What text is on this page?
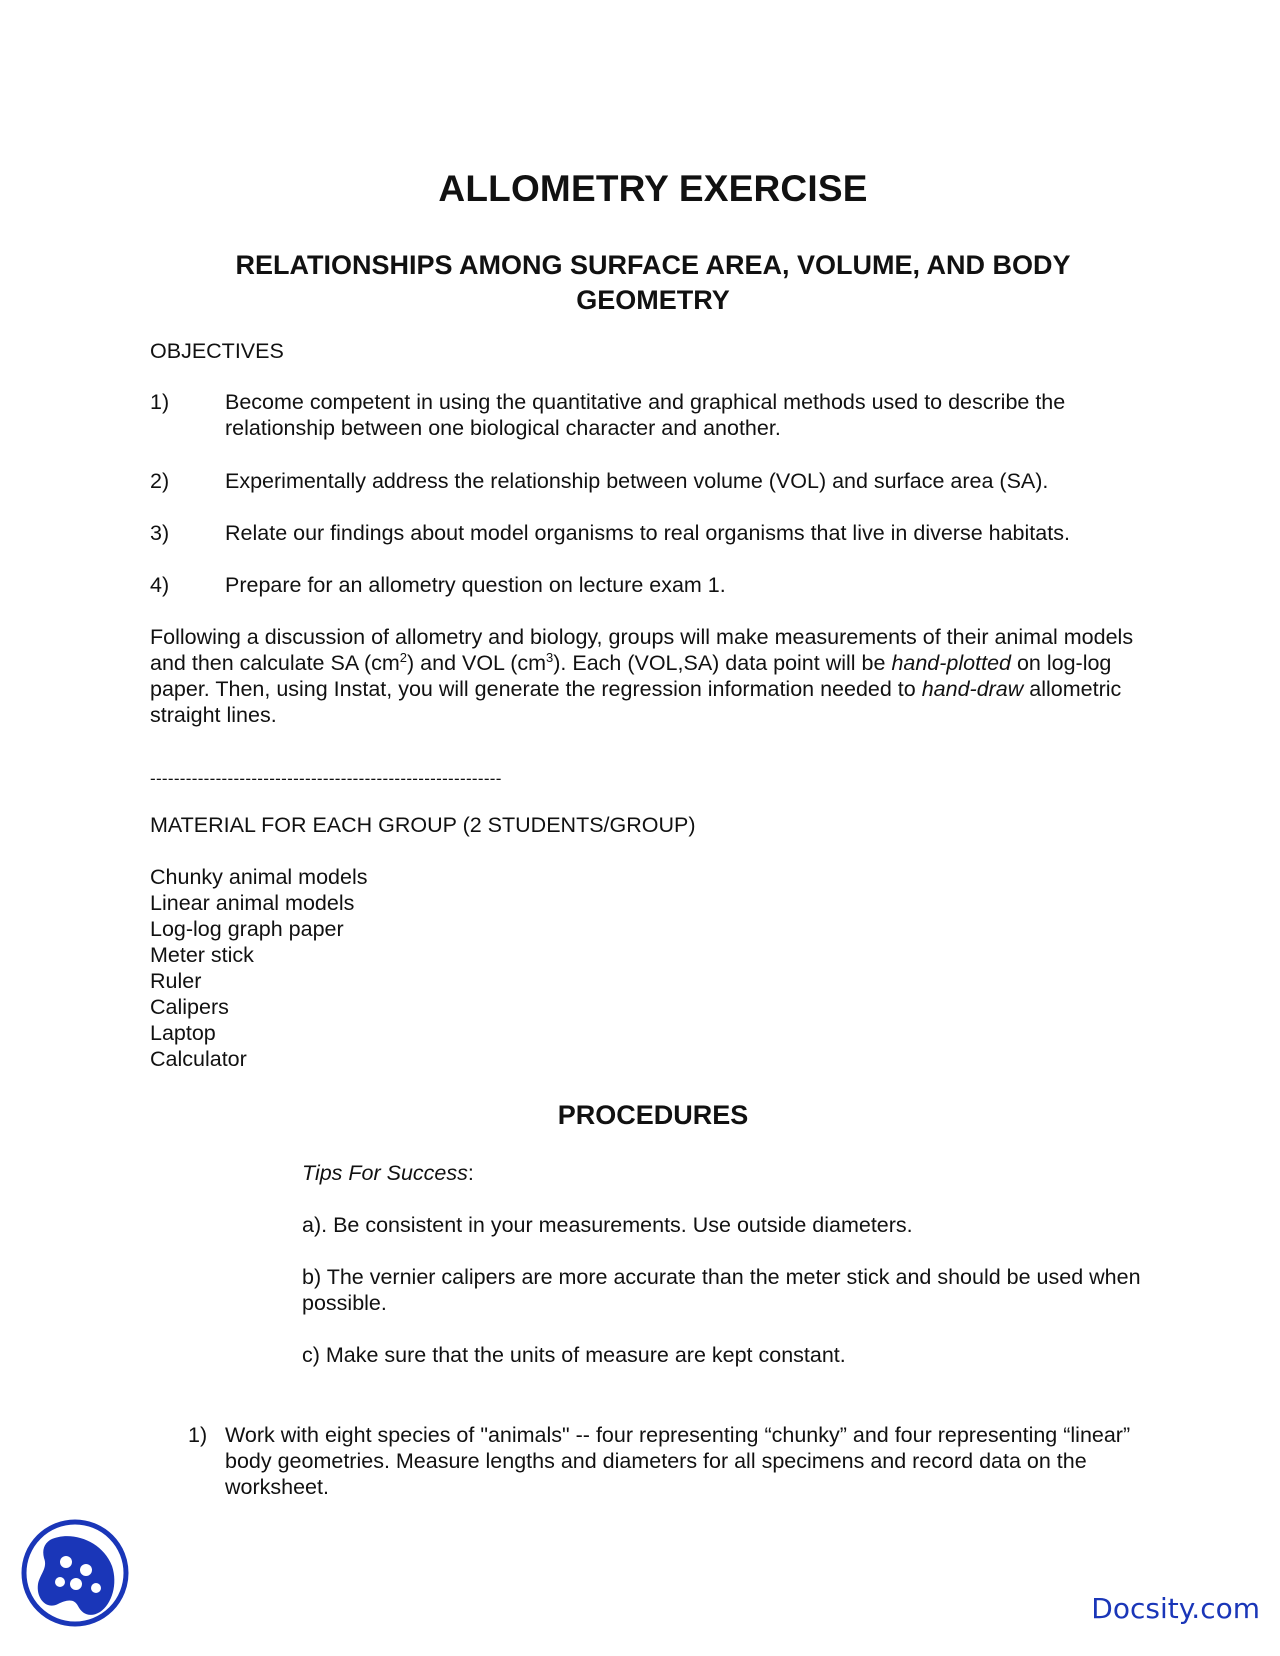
ALLOMETRY EXERCISE
RELATIONSHIPS AMONG SURFACE AREA, VOLUME, AND BODY
GEOMETRY
OBJECTIVES
1)	Become competent in using the quantitative and graphical methods used to describe the relationship between one biological character and another.
2)	Experimentally address the relationship between volume (VOL) and surface area (SA).
3)	Relate our findings about model organisms to real organisms that live in diverse habitats.
4)	Prepare for an allometry question on lecture exam 1.

Following a discussion of allometry and biology, groups will make measurements of their animal models and then calculate SA $(cm^2)$ and VOL $(cm^3)$. Each (VOL,SA) data point will be hand-plotted on log-log paper. Then, using Instat, you will generate the regression information needed to hand-draw allometric straight lines.

-----------------------------------------------------------
MATERIAL FOR EACH GROUP (2 STUDENTS/GROUP)
Chunky animal models
Linear animal models
Log-log graph paper
Meter stick
Ruler
Calipers
Laptop
Calculator
PROCEDURES
Tips For Success:
a). Be consistent in your measurements. Use outside diameters.
b) The vernier calipers are more accurate than the meter stick and should be used when possible.
c) Make sure that the units of measure are kept constant.
1) Work with eight species of "animals" -- four representing “chunky” and four representing “linear” body geometries. Measure lengths and diameters for all specimens and record data on the worksheet.
Docsity.com
